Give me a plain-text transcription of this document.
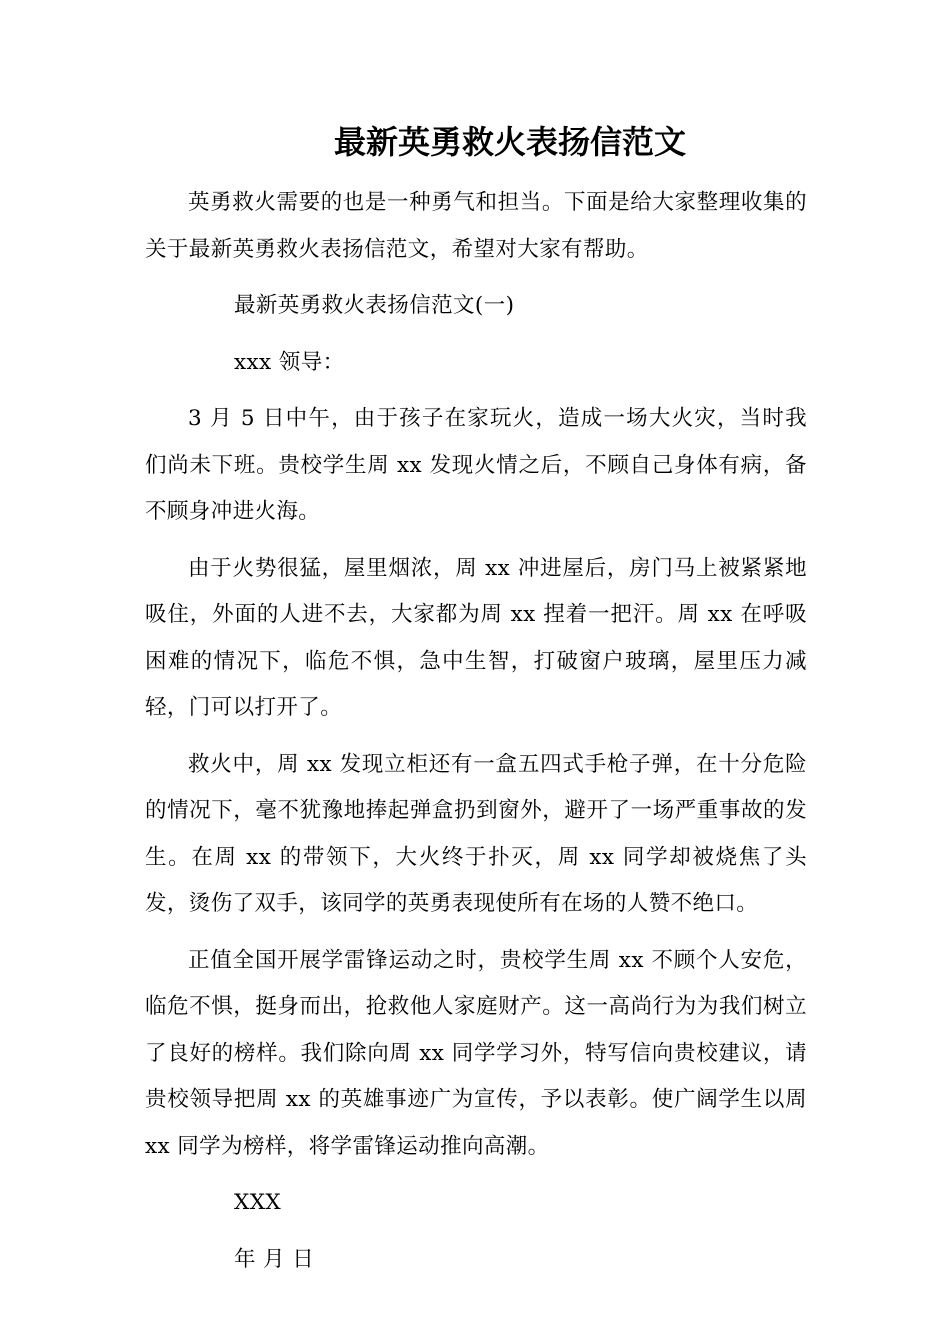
最新英勇救火表扬信范文

英勇救火需要的也是一种勇气和担当。下面是给大家整理收集的关于最新英勇救火表扬信范文，希望对大家有帮助。

最新英勇救火表扬信范文(一)

xxx 领导：

3 月 5 日中午，由于孩子在家玩火，造成一场大火灾，当时我们尚未下班。贵校学生周 xx 发现火情之后，不顾自己身体有病，备不顾身冲进火海。

由于火势很猛，屋里烟浓，周 xx 冲进屋后，房门马上被紧紧地吸住，外面的人进不去，大家都为周 xx 捏着一把汗。周 xx 在呼吸困难的情况下，临危不惧，急中生智，打破窗户玻璃，屋里压力减轻，门可以打开了。

救火中，周 xx 发现立柜还有一盒五四式手枪子弹，在十分危险的情况下，毫不犹豫地捧起弹盒扔到窗外，避开了一场严重事故的发生。在周 xx 的带领下，大火终于扑灭，周 xx 同学却被烧焦了头发，烫伤了双手，该同学的英勇表现使所有在场的人赞不绝口。

正值全国开展学雷锋运动之时，贵校学生周 xx 不顾个人安危，临危不惧，挺身而出，抢救他人家庭财产。这一高尚行为为我们树立了良好的榜样。我们除向周 xx 同学学习外，特写信向贵校建议，请贵校领导把周 xx 的英雄事迹广为宣传，予以表彰。使广阔学生以周 xx 同学为榜样，将学雷锋运动推向高潮。

XXX

年 月 日
